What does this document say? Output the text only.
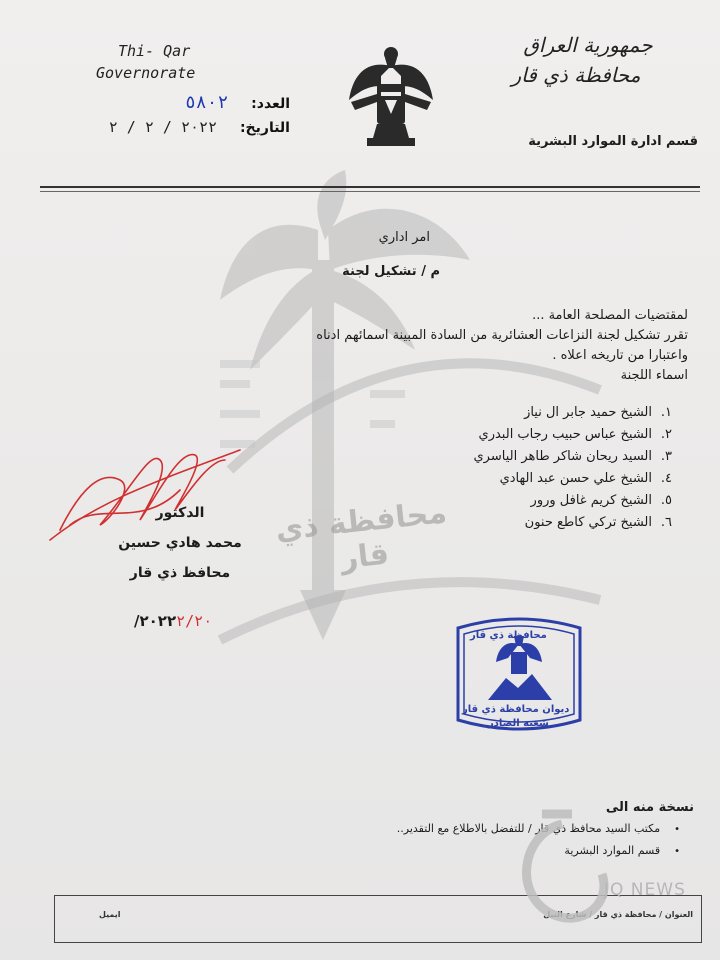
محافظة ذي قار
Thi- Qar
Governorate
العدد: ٥٨٠٢
التاريخ: ٢٠٢٢ / ٢ / ٢
جمهورية العراق
محافظة ذي قار
قسم ادارة الموارد البشرية
امر اداري
م / تشكيل لجنة

لمقتضيات المصلحة العامة ...

تقرر تشكيل لجنة النزاعات العشائرية من السادة المبينة اسمائهم ادناه

واعتبارا من تاريخه اعلاه .

اسماء اللجنة

١.الشيخ حميد جابر ال نياز
٢.الشيخ عباس حبيب رجاب البدري
٣.السيد ريحان شاكر طاهر الياسري
٤.الشيخ علي حسن عبد الهادي
٥.الشيخ كريم غافل ورور
٦.الشيخ تركي كاطع حنون
الدكتور
محمد هادي حسين
محافظ ذي قار
/٢٠٢٢٢/٢٠
محافظة ذي قار
ديوان محافظة ذي قار
شعبة الصادر
نسخة منه الى
• مكتب السيد محافظ ذي قار / للتفضل بالاطلاع مع التقدير..
• قسم الموارد البشرية
العنوان / محافظة ذي قار / شارع النيل
ايميل
JQ NEWS
